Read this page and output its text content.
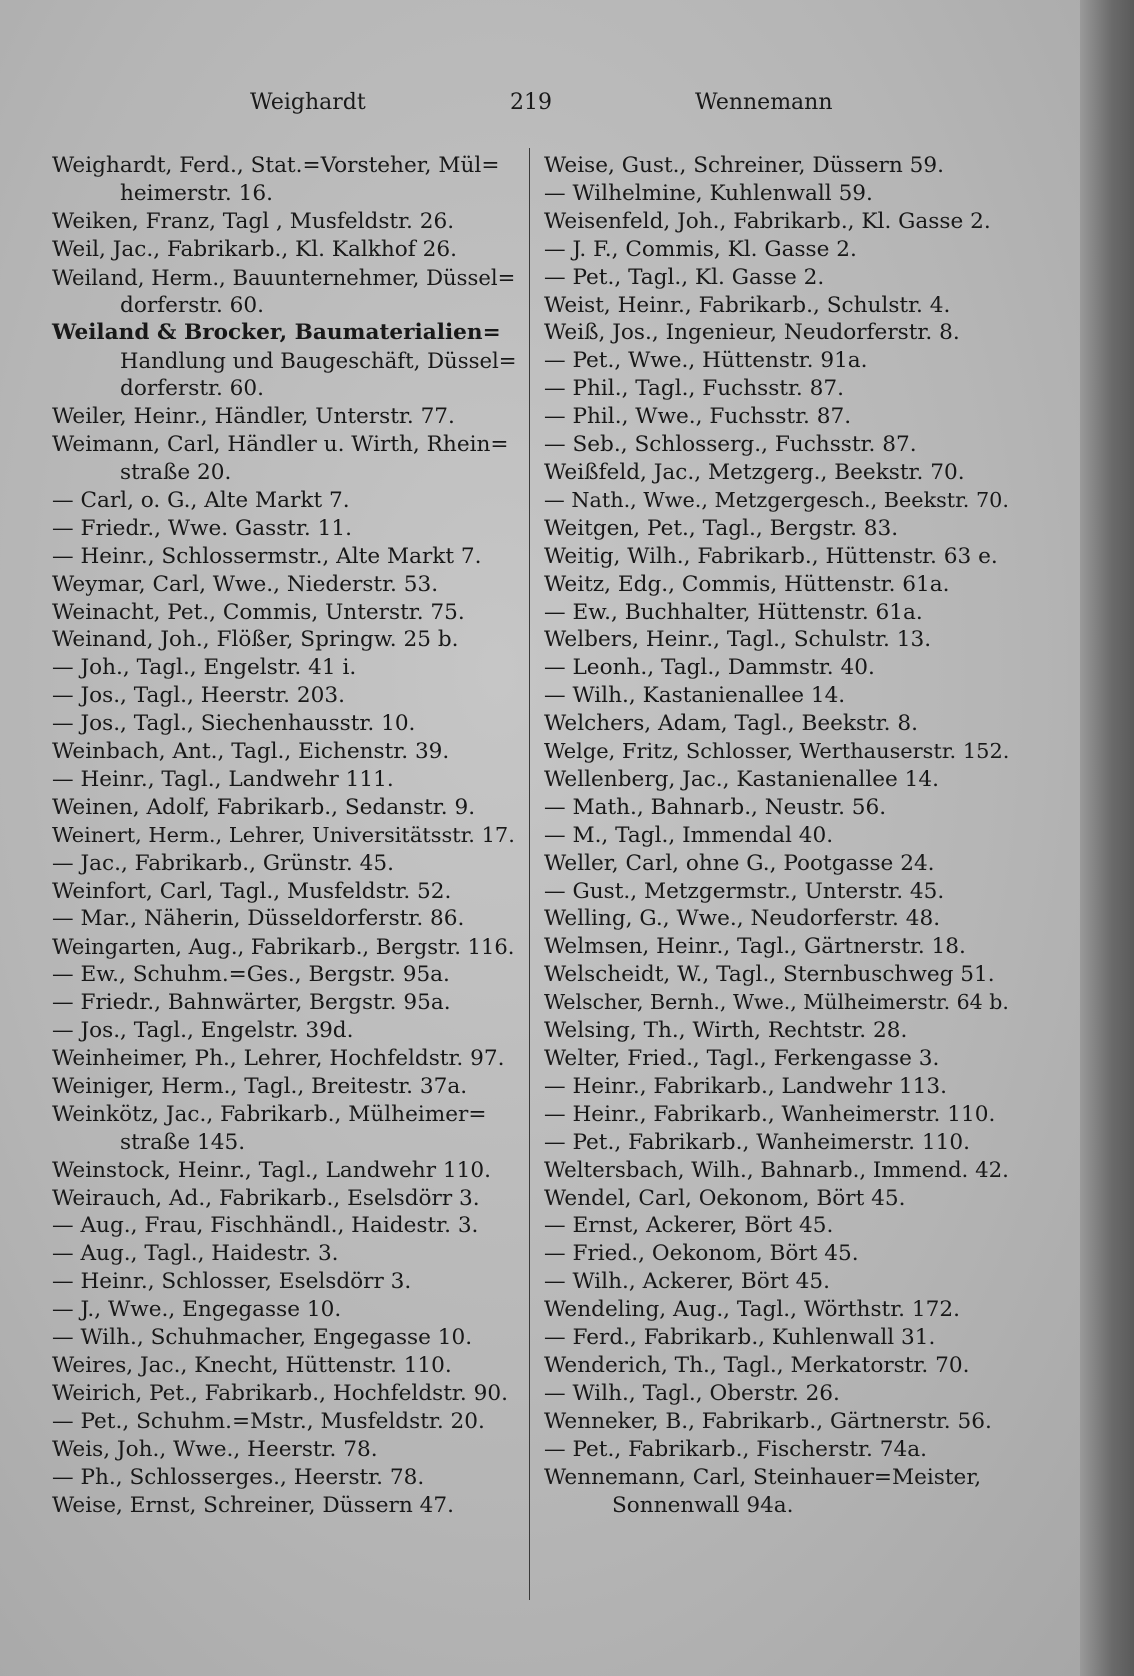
Weighardt	219	Wennemann
Weighardt, Ferd., Stat.=Vorsteher, Mül=
heimerstr. 16.
Weiken, Franz, Tagl , Musfeldstr. 26.
Weil, Jac., Fabrikarb., Kl. Kalkhof 26.
Weiland, Herm., Bauunternehmer, Düssel=
dorferstr. 60.
Weiland & Brocker, Baumaterialien=
Handlung und Baugeschäft, Düssel=
dorferstr. 60.
Weiler, Heinr., Händler, Unterstr. 77.
Weimann, Carl, Händler u. Wirth, Rhein=
straße 20.
— Carl, o. G., Alte Markt 7.
— Friedr., Wwe. Gasstr. 11.
— Heinr., Schlossermstr., Alte Markt 7.
Weymar, Carl, Wwe., Niederstr. 53.
Weinacht, Pet., Commis, Unterstr. 75.
Weinand, Joh., Flößer, Springw. 25 b.
— Joh., Tagl., Engelstr. 41 i.
— Jos., Tagl., Heerstr. 203.
— Jos., Tagl., Siechenhausstr. 10.
Weinbach, Ant., Tagl., Eichenstr. 39.
— Heinr., Tagl., Landwehr 111.
Weinen, Adolf, Fabrikarb., Sedanstr. 9.
Weinert, Herm., Lehrer, Universitätsstr. 17.
— Jac., Fabrikarb., Grünstr. 45.
Weinfort, Carl, Tagl., Musfeldstr. 52.
— Mar., Näherin, Düsseldorferstr. 86.
Weingarten, Aug., Fabrikarb., Bergstr. 116.
— Ew., Schuhm.=Ges., Bergstr. 95a.
— Friedr., Bahnwärter, Bergstr. 95a.
— Jos., Tagl., Engelstr. 39d.
Weinheimer, Ph., Lehrer, Hochfeldstr. 97.
Weiniger, Herm., Tagl., Breitestr. 37a.
Weinkötz, Jac., Fabrikarb., Mülheimer=
straße 145.
Weinstock, Heinr., Tagl., Landwehr 110.
Weirauch, Ad., Fabrikarb., Eselsdörr 3.
— Aug., Frau, Fischhändl., Haidestr. 3.
— Aug., Tagl., Haidestr. 3.
— Heinr., Schlosser, Eselsdörr 3.
— J., Wwe., Engegasse 10.
— Wilh., Schuhmacher, Engegasse 10.
Weires, Jac., Knecht, Hüttenstr. 110.
Weirich, Pet., Fabrikarb., Hochfeldstr. 90.
— Pet., Schuhm.=Mstr., Musfeldstr. 20.
Weis, Joh., Wwe., Heerstr. 78.
— Ph., Schlosserges., Heerstr. 78.
Weise, Ernst, Schreiner, Düssern 47.
Weise, Gust., Schreiner, Düssern 59.
— Wilhelmine, Kuhlenwall 59.
Weisenfeld, Joh., Fabrikarb., Kl. Gasse 2.
— J. F., Commis, Kl. Gasse 2.
— Pet., Tagl., Kl. Gasse 2.
Weist, Heinr., Fabrikarb., Schulstr. 4.
Weiß, Jos., Ingenieur, Neudorferstr. 8.
— Pet., Wwe., Hüttenstr. 91a.
— Phil., Tagl., Fuchsstr. 87.
— Phil., Wwe., Fuchsstr. 87.
— Seb., Schlosserg., Fuchsstr. 87.
Weißfeld, Jac., Metzgerg., Beekstr. 70.
— Nath., Wwe., Metzgergesch., Beekstr. 70.
Weitgen, Pet., Tagl., Bergstr. 83.
Weitig, Wilh., Fabrikarb., Hüttenstr. 63 e.
Weitz, Edg., Commis, Hüttenstr. 61a.
— Ew., Buchhalter, Hüttenstr. 61a.
Welbers, Heinr., Tagl., Schulstr. 13.
— Leonh., Tagl., Dammstr. 40.
— Wilh., Kastanienallee 14.
Welchers, Adam, Tagl., Beekstr. 8.
Welge, Fritz, Schlosser, Werthauserstr. 152.
Wellenberg, Jac., Kastanienallee 14.
— Math., Bahnarb., Neustr. 56.
— M., Tagl., Immendal 40.
Weller, Carl, ohne G., Pootgasse 24.
— Gust., Metzgermstr., Unterstr. 45.
Welling, G., Wwe., Neudorferstr. 48.
Welmsen, Heinr., Tagl., Gärtnerstr. 18.
Welscheidt, W., Tagl., Sternbuschweg 51.
Welscher, Bernh., Wwe., Mülheimerstr. 64 b.
Welsing, Th., Wirth, Rechtstr. 28.
Welter, Fried., Tagl., Ferkengasse 3.
— Heinr., Fabrikarb., Landwehr 113.
— Heinr., Fabrikarb., Wanheimerstr. 110.
— Pet., Fabrikarb., Wanheimerstr. 110.
Weltersbach, Wilh., Bahnarb., Immend. 42.
Wendel, Carl, Oekonom, Bört 45.
— Ernst, Ackerer, Bört 45.
— Fried., Oekonom, Bört 45.
— Wilh., Ackerer, Bört 45.
Wendeling, Aug., Tagl., Wörthstr. 172.
— Ferd., Fabrikarb., Kuhlenwall 31.
Wenderich, Th., Tagl., Merkatorstr. 70.
— Wilh., Tagl., Oberstr. 26.
Wenneker, B., Fabrikarb., Gärtnerstr. 56.
— Pet., Fabrikarb., Fischerstr. 74a.
Wennemann, Carl, Steinhauer=Meister,
Sonnenwall 94a.
